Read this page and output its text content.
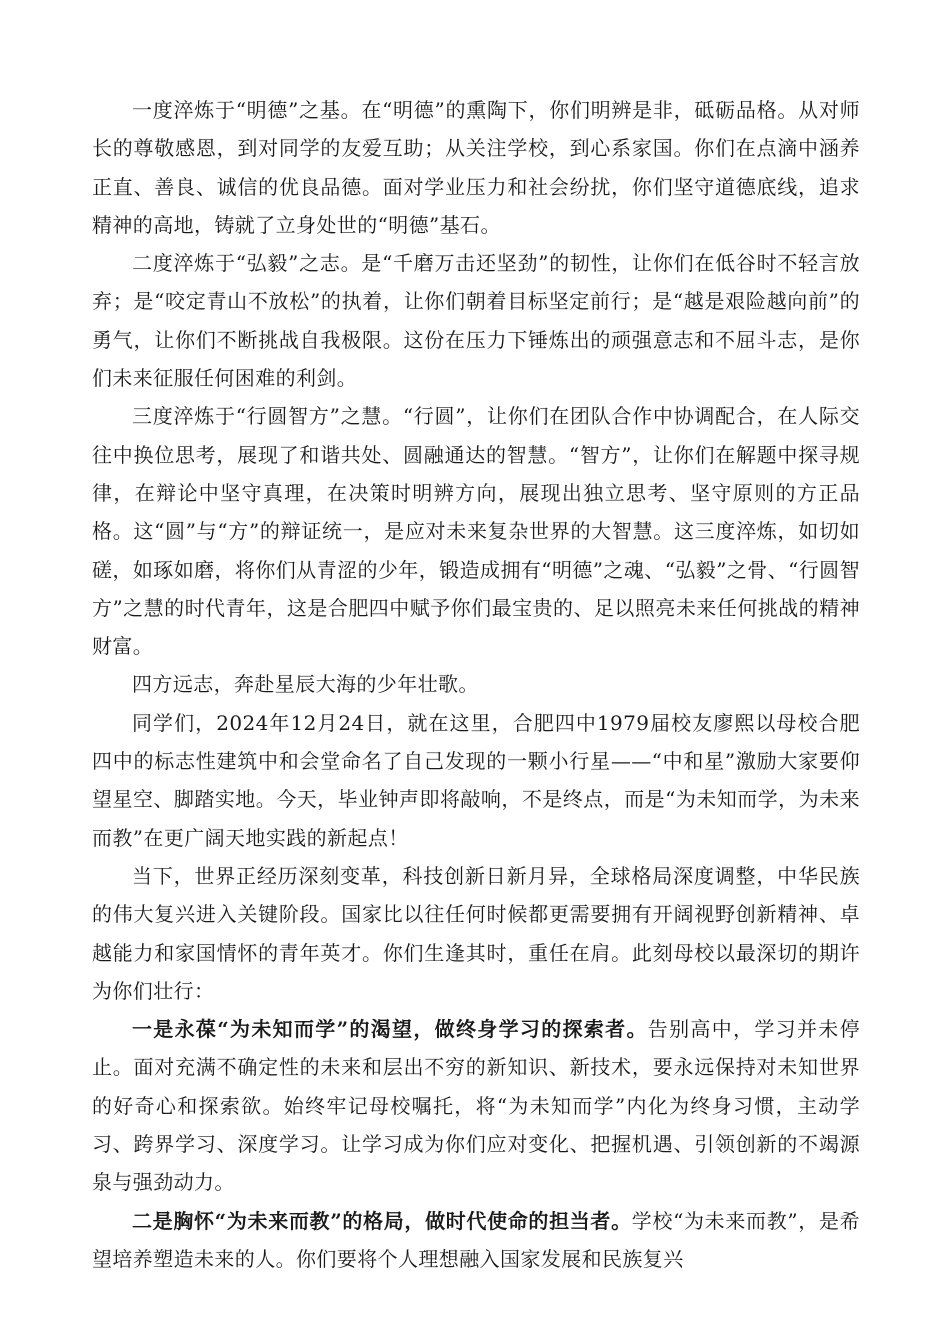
一度淬炼于“明德”之基。在“明德”的熏陶下，你们明辨是非，砥砺品格。从对师长的尊敬感恩，到对同学的友爱互助；从关注学校，到心系家国。你们在点滴中涵养正直、善良、诚信的优良品德。面对学业压力和社会纷扰，你们坚守道德底线，追求精神的高地，铸就了立身处世的“明德”基石。

二度淬炼于“弘毅”之志。是“千磨万击还坚劲”的韧性，让你们在低谷时不轻言放弃；是“咬定青山不放松”的执着，让你们朝着目标坚定前行；是“越是艰险越向前”的勇气，让你们不断挑战自我极限。这份在压力下锤炼出的顽强意志和不屈斗志，是你们未来征服任何困难的利剑。

三度淬炼于“行圆智方”之慧。“行圆”，让你们在团队合作中协调配合，在人际交往中换位思考，展现了和谐共处、圆融通达的智慧。“智方”，让你们在解题中探寻规律，在辩论中坚守真理，在决策时明辨方向，展现出独立思考、坚守原则的方正品格。这“圆”与“方”的辩证统一，是应对未来复杂世界的大智慧。这三度淬炼，如切如磋，如琢如磨，将你们从青涩的少年，锻造成拥有“明德”之魂、“弘毅”之骨、“行圆智方”之慧的时代青年，这是合肥四中赋予你们最宝贵的、足以照亮未来任何挑战的精神财富。

四方远志，奔赴星辰大海的少年壮歌。

同学们，2024年12月24日，就在这里，合肥四中1979届校友廖熙以母校合肥四中的标志性建筑中和会堂命名了自己发现的一颗小行星——“中和星”激励大家要仰望星空、脚踏实地。今天，毕业钟声即将敲响，不是终点，而是“为未知而学，为未来而教”在更广阔天地实践的新起点！

当下，世界正经历深刻变革，科技创新日新月异，全球格局深度调整，中华民族的伟大复兴进入关键阶段。国家比以往任何时候都更需要拥有开阔视野创新精神、卓越能力和家国情怀的青年英才。你们生逢其时，重任在肩。此刻母校以最深切的期许为你们壮行：

一是永葆“为未知而学”的渴望，做终身学习的探索者。告别高中，学习并未停止。面对充满不确定性的未来和层出不穷的新知识、新技术，要永远保持对未知世界的好奇心和探索欲。始终牢记母校嘱托，将“为未知而学”内化为终身习惯，主动学习、跨界学习、深度学习。让学习成为你们应对变化、把握机遇、引领创新的不竭源泉与强劲动力。

二是胸怀“为未来而教”的格局，做时代使命的担当者。学校“为未来而教”，是希望培养塑造未来的人。你们要将个人理想融入国家发展和民族复兴
